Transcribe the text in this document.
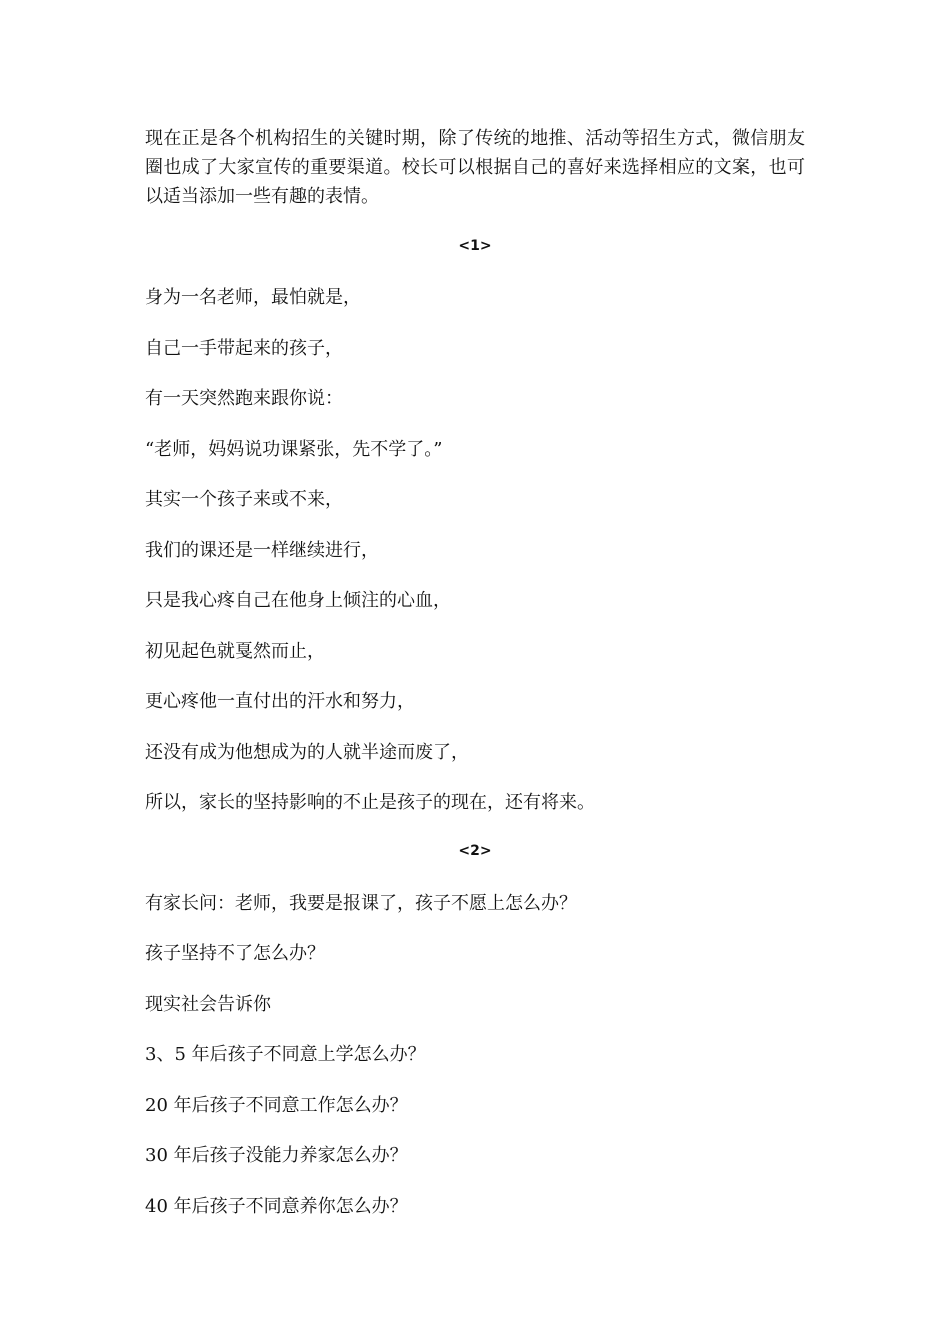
现在正是各个机构招生的关键时期，除了传统的地推、活动等招生方式，微信朋友圈也成了大家宣传的重要渠道。校长可以根据自己的喜好来选择相应的文案，也可以适当添加一些有趣的表情。

<1>

身为一名老师，最怕就是，

自己一手带起来的孩子，

有一天突然跑来跟你说：

“老师，妈妈说功课紧张，先不学了。”

其实一个孩子来或不来，

我们的课还是一样继续进行，

只是我心疼自己在他身上倾注的心血，

初见起色就戛然而止，

更心疼他一直付出的汗水和努力，

还没有成为他想成为的人就半途而废了，

所以，家长的坚持影响的不止是孩子的现在，还有将来。

<2>

有家长问：老师，我要是报课了，孩子不愿上怎么办？

孩子坚持不了怎么办？

现实社会告诉你

3、5 年后孩子不同意上学怎么办？

20 年后孩子不同意工作怎么办？

30 年后孩子没能力养家怎么办？

40 年后孩子不同意养你怎么办？
